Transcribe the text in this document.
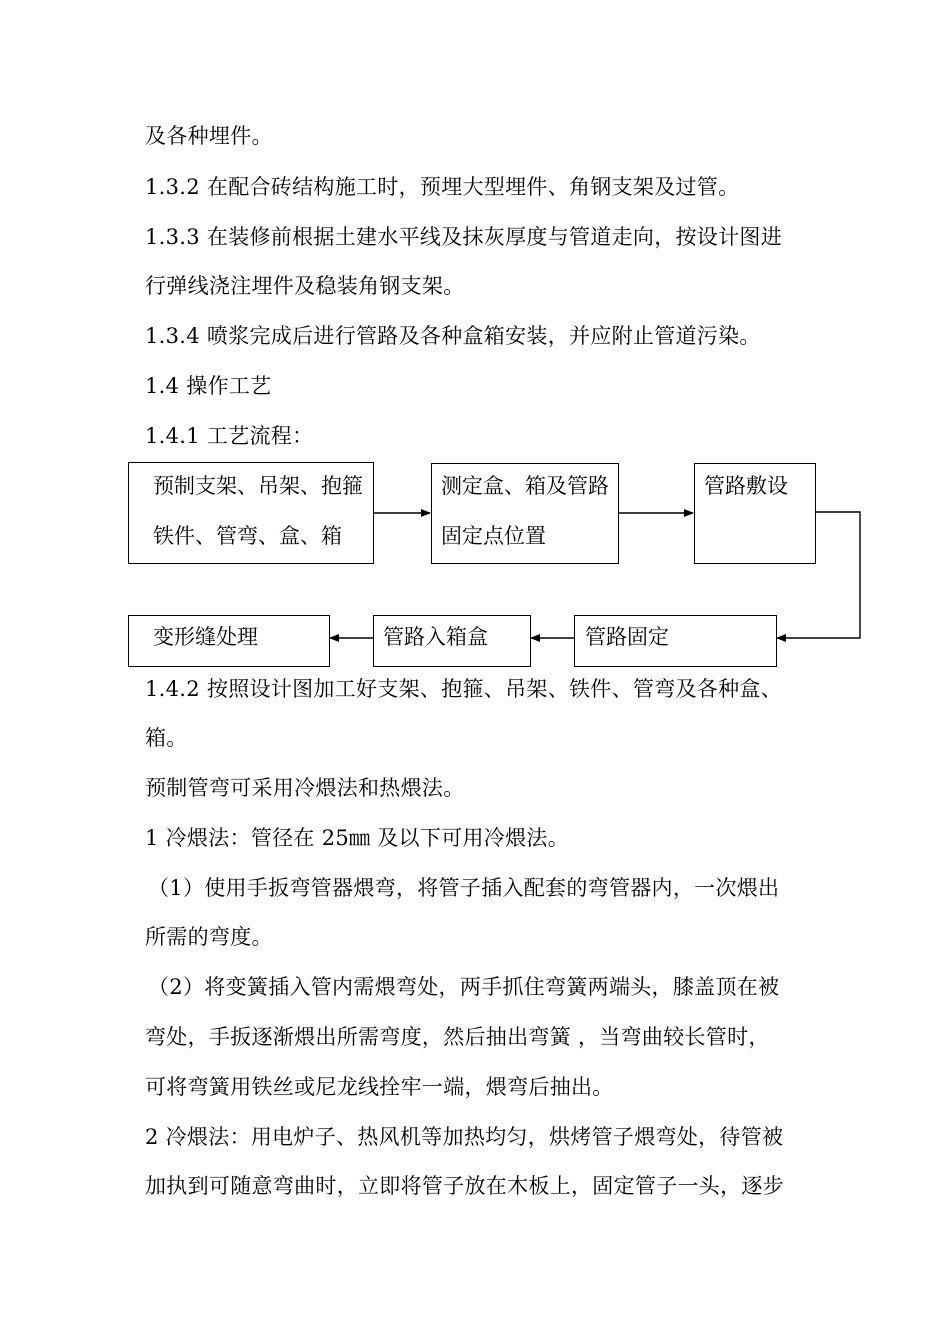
及各种埋件。
1.3.2 在配合砖结构施工时，预埋大型埋件、角钢支架及过管。
1.3.3 在装修前根据土建水平线及抹灰厚度与管道走向，按设计图进
行弹线浇注埋件及稳装角钢支架。
1.3.4 喷浆完成后进行管路及各种盒箱安装，并应附止管道污染。
1.4 操作工艺
1.4.1 工艺流程：
预制支架、吊架、抱箍
铁件、管弯、盒、箱
测定盒、箱及管路
固定点位置
管路敷设
管路固定
管路入箱盒
变形缝处理
1.4.2 按照设计图加工好支架、抱箍、吊架、铁件、管弯及各种盒、
箱。
预制管弯可采用冷煨法和热煨法。
1 冷煨法：管径在 25㎜ 及以下可用冷煨法。
（1）使用手扳弯管器煨弯，将管子插入配套的弯管器内，一次煨出
所需的弯度。
（2）将变簧插入管内需煨弯处，两手抓住弯簧两端头，膝盖顶在被
弯处，手扳逐渐煨出所需弯度，然后抽出弯簧 ，当弯曲较长管时，
可将弯簧用铁丝或尼龙线拴牢一端，煨弯后抽出。
2 冷煨法：用电炉子、热风机等加热均匀，烘烤管子煨弯处，待管被
加执到可随意弯曲时，立即将管子放在木板上，固定管子一头，逐步
